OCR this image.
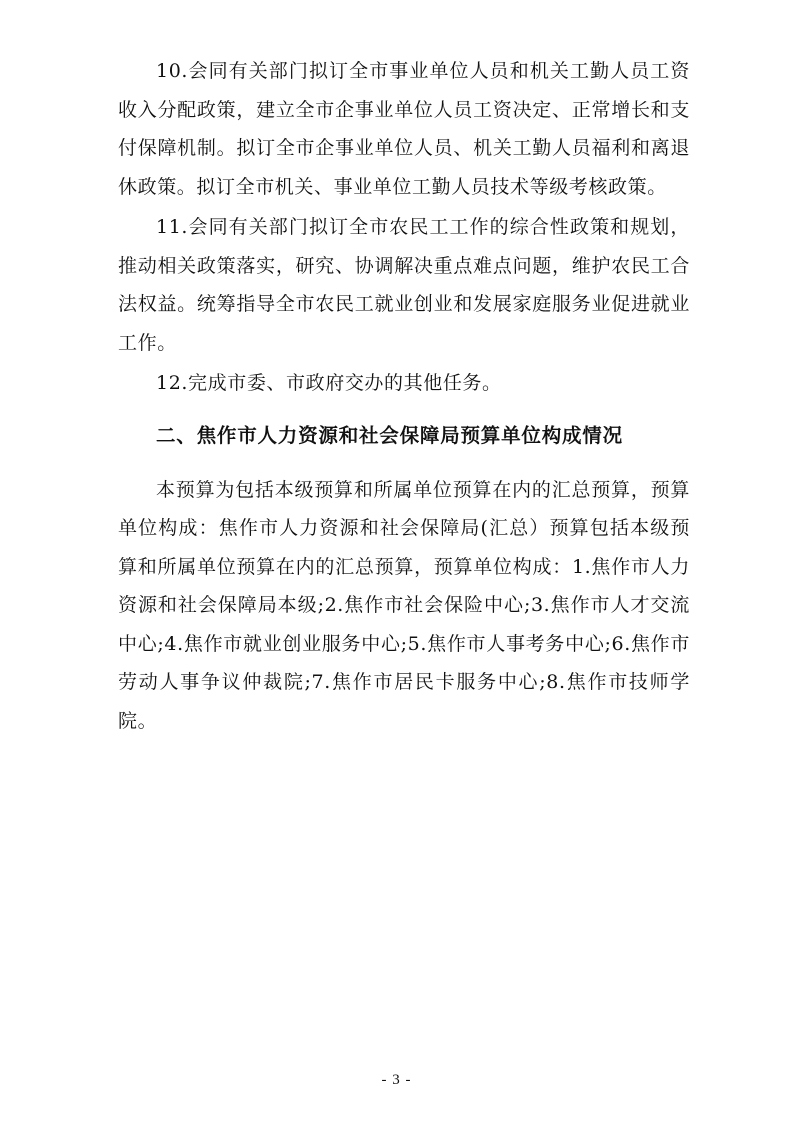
10.会同有关部门拟订全市事业单位人员和机关工勤人员工资收入分配政策，建立全市企事业单位人员工资决定、正常增长和支付保障机制。拟订全市企事业单位人员、机关工勤人员福利和离退休政策。拟订全市机关、事业单位工勤人员技术等级考核政策。

11.会同有关部门拟订全市农民工工作的综合性政策和规划，推动相关政策落实，研究、协调解决重点难点问题，维护农民工合法权益。统筹指导全市农民工就业创业和发展家庭服务业促进就业工作。

12.完成市委、市政府交办的其他任务。

二、焦作市人力资源和社会保障局预算单位构成情况

本预算为包括本级预算和所属单位预算在内的汇总预算，预算单位构成：焦作市人力资源和社会保障局(汇总）预算包括本级预算和所属单位预算在内的汇总预算，预算单位构成：1.焦作市人力资源和社会保障局本级;2.焦作市社会保险中心;3.焦作市人才交流中心;4.焦作市就业创业服务中心;5.焦作市人事考务中心;6.焦作市劳动人事争议仲裁院;7.焦作市居民卡服务中心;8.焦作市技师学院。

- 3 -
